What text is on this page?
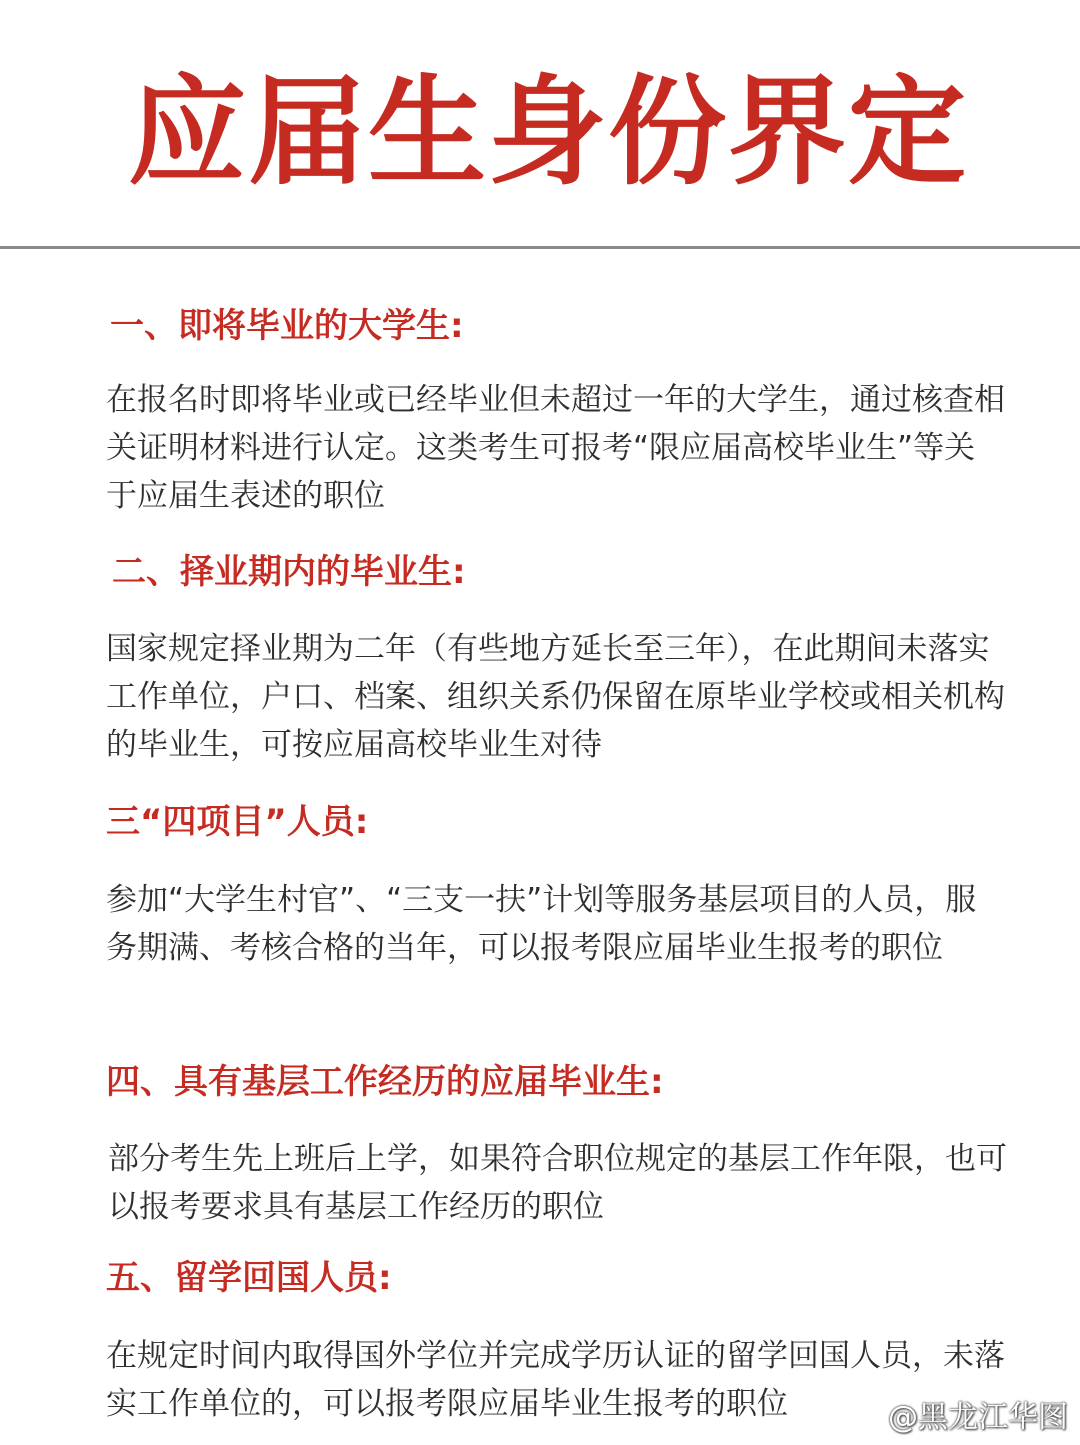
应届生身份界定
一、即将毕业的大学生:

在报名时即将毕业或已经毕业但未超过一年的大学生，通过核查相关证明材料进行认定。这类考生可报考“限应届高校毕业生”等关于应届生表述的职位

二、择业期内的毕业生:

国家规定择业期为二年（有些地方延长至三年），在此期间未落实工作单位，户口、档案、组织关系仍保留在原毕业学校或相关机构的毕业生，可按应届高校毕业生对待

三“四项目”人员:

参加“大学生村官”、“三支一扶”计划等服务基层项目的人员，服务期满、考核合格的当年，可以报考限应届毕业生报考的职位

四、具有基层工作经历的应届毕业生:

部分考生先上班后上学，如果符合职位规定的基层工作年限，也可以报考要求具有基层工作经历的职位

五、留学回国人员:

在规定时间内取得国外学位并完成学历认证的留学回国人员，未落实工作单位的，可以报考限应届毕业生报考的职位	@黑龙江华图
